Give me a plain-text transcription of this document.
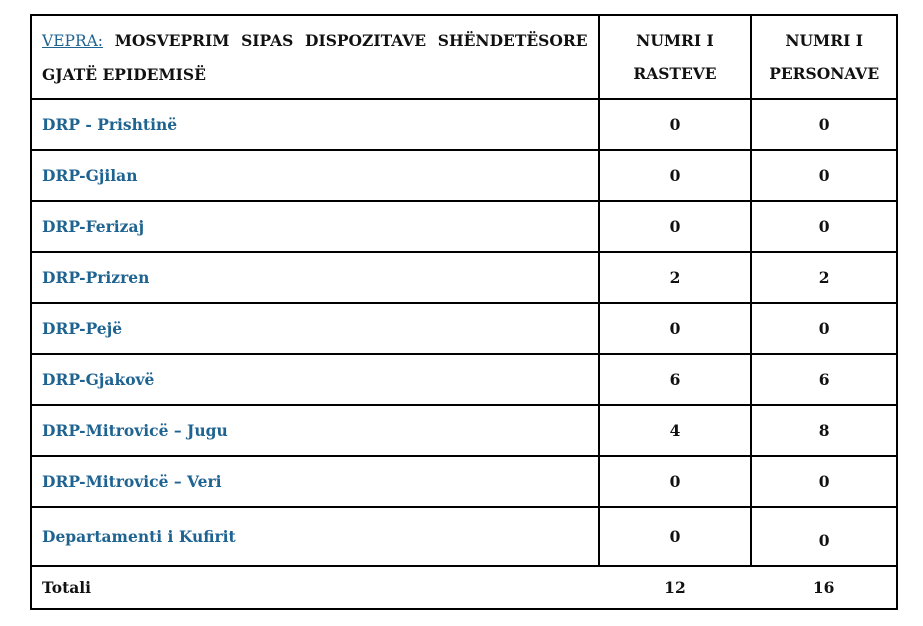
VEPRA: MOSVEPRIM SIPAS DISPOZITAVE SHËNDETËSORE GJATË EPIDEMISË	NUMRI I RASTEVE	NUMRI I PERSONAVE
DRP - Prishtinë	0	0
DRP-Gjilan	0	0
DRP-Ferizaj	0	0
DRP-Prizren	2	2
DRP-Pejë	0	0
DRP-Gjakovë	6	6
DRP-Mitrovicë – Jugu	4	8
DRP-Mitrovicë – Veri	0	0
Departamenti i Kufirit	0	0
Totali	12	16
